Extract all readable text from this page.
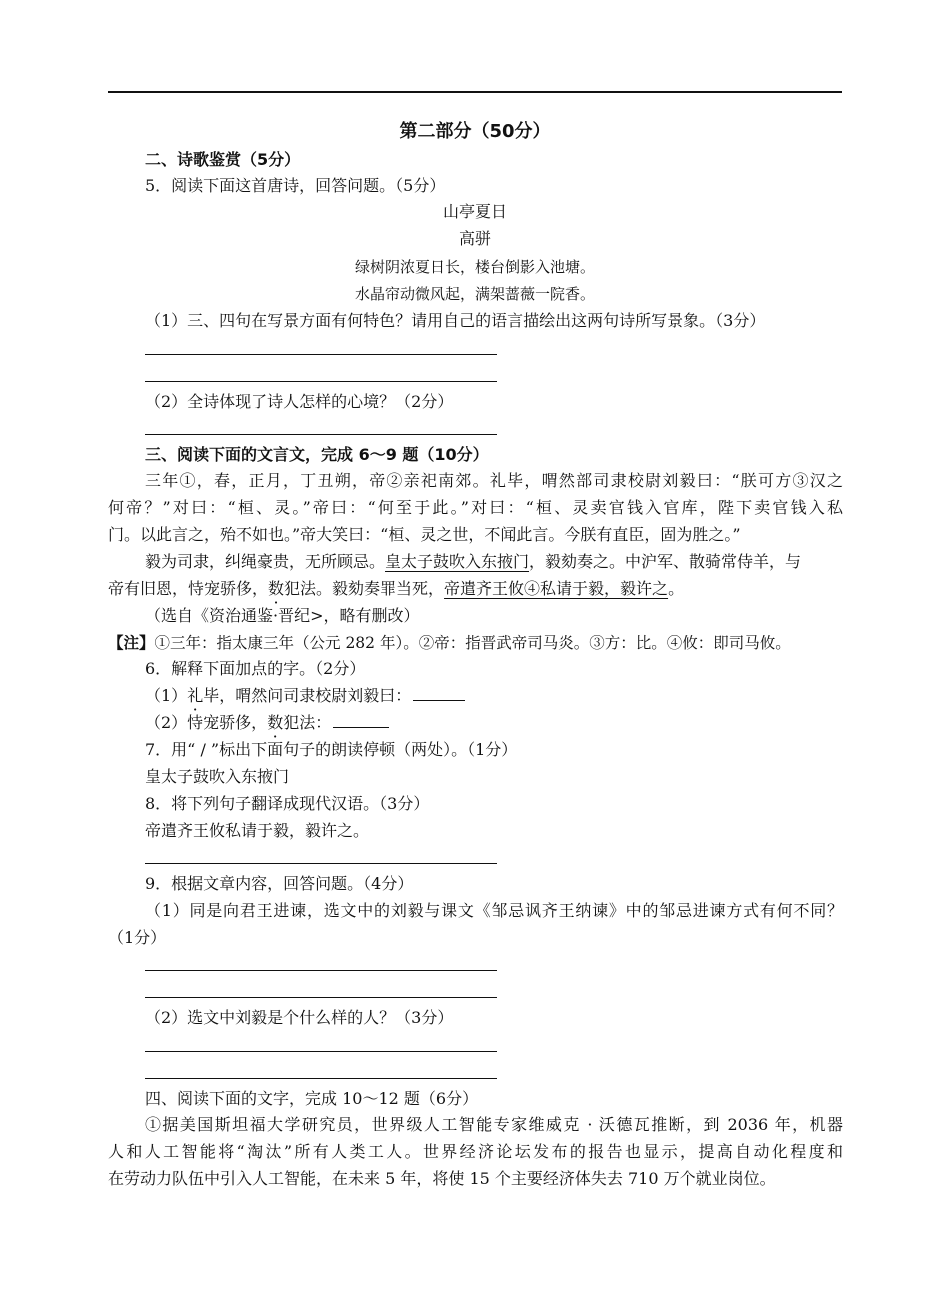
第二部分（50分）
二、诗歌鉴赏（5分）
5．阅读下面这首唐诗，回答问题。（5分）
山亭夏日
高骈
绿树阴浓夏日长，楼台倒影入池塘。
水晶帘动微风起，满架蔷薇一院香。
（1）三、四句在写景方面有何特色？请用自己的语言描绘出这两句诗所写景象。（3分）
（2）全诗体现了诗人怎样的心境？（2分）
三、阅读下面的文言文，完成 6～9 题（10分）
三年①，春，正月，丁丑朔，帝②亲祀南郊。礼毕，喟然部司隶校尉刘毅曰：“朕可方③汉之
何帝？”对曰：“桓、灵。”帝曰：“何至于此。”对曰：“桓、灵卖官钱入官库，陛下卖官钱入私
门。以此言之，殆不如也。”帝大笑曰：“桓、灵之世，不闻此言。今朕有直臣，固为胜之。”
毅为司隶，纠绳豪贵，无所顾忌。皇太子鼓吹入东掖门，毅劾奏之。中沪军、散骑常侍羊，与
帝有旧恩，恃宠骄侈，数犯法。毅劾奏罪当死，帝遣齐王攸④私请于毅，毅许之。
（选自《资治通鉴·晋纪>，略有删改）
【注】①三年：指太康三年（公元 282 年）。②帝：指晋武帝司马炎。③方：比。④攸：即司马攸。
6．解释下面加点的字。（2分）
（1）礼毕，喟然问司隶校尉刘毅曰：
（2）恃宠骄侈，数犯法：
7．用“ / ”标出下面句子的朗读停顿（两处）。（1分）
皇太子鼓吹入东掖门
8．将下列句子翻译成现代汉语。（3分）
帝遣齐王攸私请于毅，毅许之。
9．根据文章内容，回答问题。（4分）
（1）同是向君王进谏，选文中的刘毅与课文《邹忌讽齐王纳谏》中的邹忌进谏方式有何不同？
（1分）
（2）选文中刘毅是个什么样的人？（3分）
四、阅读下面的文字，完成 10～12 题（6分）
①据美国斯坦福大学研究员，世界级人工智能专家维威克 · 沃德瓦推断，到 2036 年，机器
人和人工智能将“淘汰”所有人类工人。世界经济论坛发布的报告也显示，提高自动化程度和
在劳动力队伍中引入人工智能，在未来 5 年，将使 15 个主要经济体失去 710 万个就业岗位。
